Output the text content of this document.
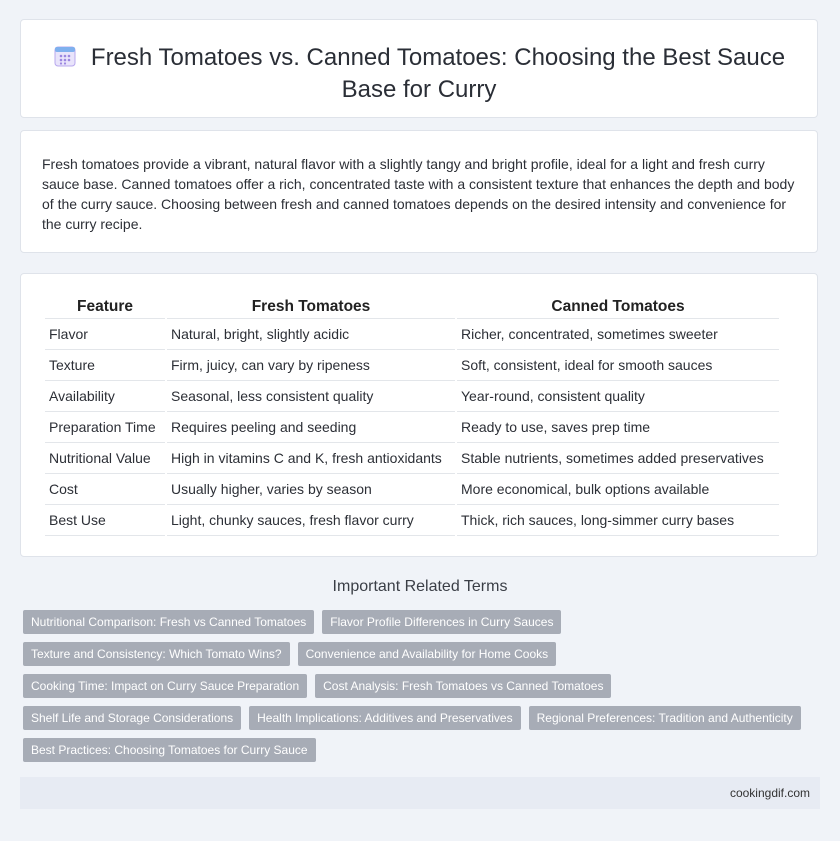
Fresh Tomatoes vs. Canned Tomatoes: Choosing the Best Sauce Base for Curry

Fresh tomatoes provide a vibrant, natural flavor with a slightly tangy and bright profile, ideal for a light and fresh curry sauce base. Canned tomatoes offer a rich, concentrated taste with a consistent texture that enhances the depth and body of the curry sauce. Choosing between fresh and canned tomatoes depends on the desired intensity and convenience for the curry recipe.

Feature	Fresh Tomatoes	Canned Tomatoes
Flavor	Natural, bright, slightly acidic	Richer, concentrated, sometimes sweeter
Texture	Firm, juicy, can vary by ripeness	Soft, consistent, ideal for smooth sauces
Availability	Seasonal, less consistent quality	Year-round, consistent quality
Preparation Time	Requires peeling and seeding	Ready to use, saves prep time
Nutritional Value	High in vitamins C and K, fresh antioxidants	Stable nutrients, sometimes added preservatives
Cost	Usually higher, varies by season	More economical, bulk options available
Best Use	Light, chunky sauces, fresh flavor curry	Thick, rich sauces, long-simmer curry bases
Important Related Terms
Nutritional Comparison: Fresh vs Canned Tomatoes	Flavor Profile Differences in Curry Sauces
Texture and Consistency: Which Tomato Wins?	Convenience and Availability for Home Cooks
Cooking Time: Impact on Curry Sauce Preparation	Cost Analysis: Fresh Tomatoes vs Canned Tomatoes
Shelf Life and Storage Considerations	Health Implications: Additives and Preservatives	Regional Preferences: Tradition and Authenticity
Best Practices: Choosing Tomatoes for Curry Sauce
cookingdif.com
